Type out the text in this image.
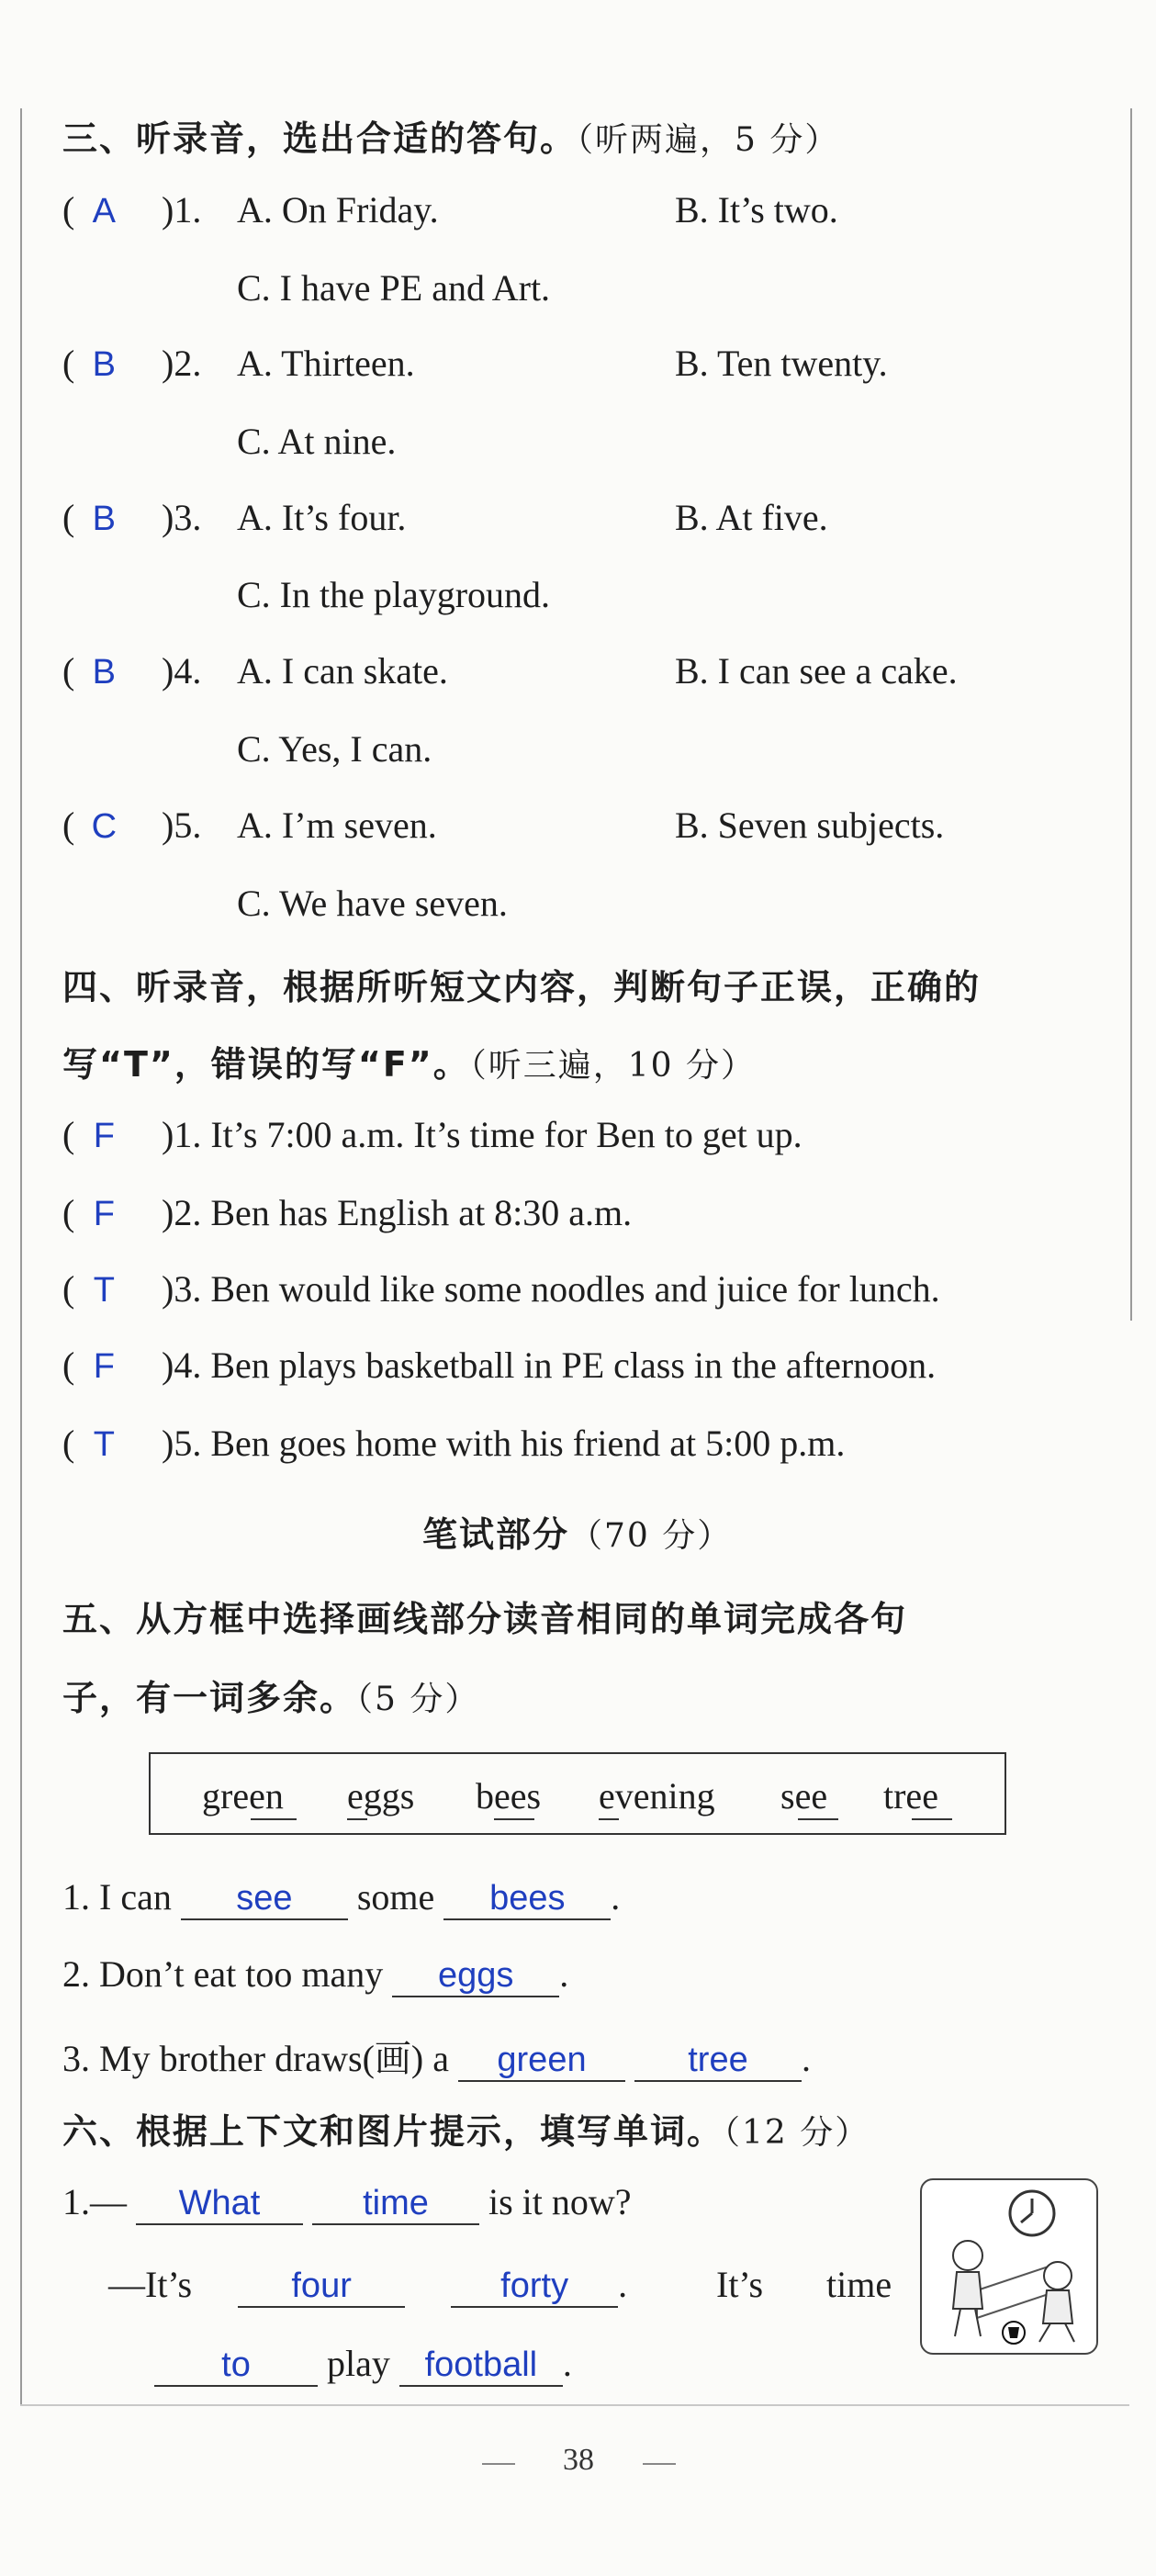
三、听录音，选出合适的答句。（听两遍，5 分）
( A )1. A. On Friday.	B. It’s two.
C. I have PE and Art.
( B )2. A. Thirteen.	B. Ten twenty.
C. At nine.
( B )3. A. It’s four.	B. At five.
C. In the playground.
( B )4. A. I can skate.	B. I can see a cake.
C. Yes, I can.
( C )5. A. I’m seven.	B. Seven subjects.
C. We have seven.
四、听录音，根据所听短文内容，判断句子正误，正确的
写“T”，错误的写“F”。（听三遍，10 分）
( F )1. It’s 7:00 a.m. It’s time for Ben to get up.
( F )2. Ben has English at 8:30 a.m.
( T )3. Ben would like some noodles and juice for lunch.
( F )4. Ben plays basketball in PE class in the afternoon.
( T )5. Ben goes home with his friend at 5:00 p.m.
笔试部分（70 分）
五、从方框中选择画线部分读音相同的单词完成各句
子，有一词多余。（5 分）
green eggs bees evening see tree
1. I can see some bees .
2. Don’t eat too many eggs .
3. My brother draws(画) a green	tree .
六、根据上下文和图片提示，填写单词。（12 分）
1.— What	time is it now?
—It’s	four	forty . It’s time
to play football .
38
